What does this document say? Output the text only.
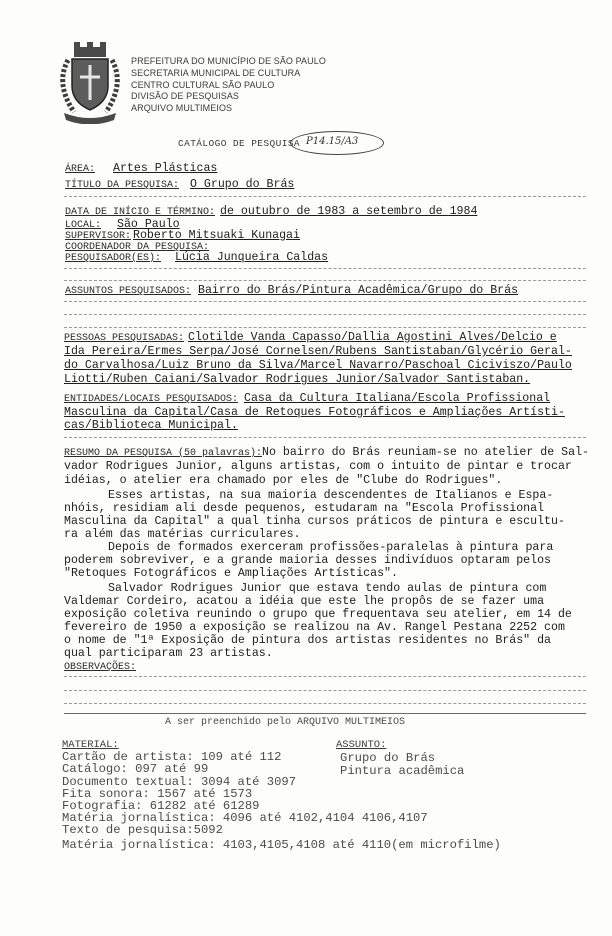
PREFEITURA DO MUNICÍPIO DE SÃO PAULO
SECRETARIA MUNICIPAL DE CULTURA
CENTRO CULTURAL SÃO PAULO
DIVISÃO DE PESQUISAS
ARQUIVO MULTIMEIOS
CATÁLOGO DE PESQUISA P14.15/A3
ÁREA: Artes Plásticas
TÍTULO DA PESQUISA: O Grupo do Brás
DATA DE INÍCIO E TÉRMINO: de outubro de 1983 a setembro de 1984
LOCAL: São Paulo
SUPERVISOR: Roberto Mitsuaki Kunagai
COORDENADOR DA PESQUISA:
PESQUISADOR(ES): Lúcia Junqueira Caldas
ASSUNTOS PESQUISADOS: Bairro do Brás/Pintura Acadêmica/Grupo do Brás
PESSOAS PESQUISADAS: Clotilde Vanda Capasso/Dallia Agostini Alves/Delcio e
Ida Pereira/Ermes Serpa/José Cornelsen/Rubens Santistaban/Glycério Geral-
do Carvalhosa/Luiz Bruno da Silva/Marcel Navarro/Paschoal Ciciviszo/Paulo
Liotti/Ruben Caiani/Salvador Rodrigues Junior/Salvador Santistaban.
ENTIDADES/LOCAIS PESQUISADOS: Casa da Cultura Italiana/Escola Profissional
Masculina da Capital/Casa de Retoques Fotográficos e Ampliações Artísti-
cas/Biblioteca Municipal.
RESUMO DA PESQUISA (50 palavras): No bairro do Brás reuniam-se no atelier de Sal-
vador Rodrigues Junior, alguns artistas, com o intuito de pintar e trocar
idéias, o atelier era chamado por eles de "Clube do Rodrigues".
Esses artistas, na sua maioria descendentes de Italianos e Espa-
nhóis, residiam ali desde pequenos, estudaram na "Escola Profissional
Masculina da Capital" a qual tinha cursos práticos de pintura e escultu-
ra além das matérias curriculares.
Depois de formados exerceram profissões-paralelas à pintura para
poderem sobreviver, e a grande maioria desses indivíduos optaram pelos
"Retoques Fotográficos e Ampliações Artísticas".
Salvador Rodrigues Junior que estava tendo aulas de pintura com
Valdemar Cordeiro, acatou a idéia que este lhe propôs de se fazer uma
exposição coletiva reunindo o grupo que frequentava seu atelier, em 14 de
fevereiro de 1950 a exposição se realizou na Av. Rangel Pestana 2252 com
o nome de "1ª Exposição de pintura dos artistas residentes no Brás" da
qual participaram 23 artistas.
OBSERVAÇÕES:
A ser preenchido pelo ARQUIVO MULTIMEIOS
MATERIAL:
Cartão de artista: 109 até 112
Catálogo: 097 até 99
Documento textual: 3094 até 3097
Fita sonora: 1567 até 1573
Fotografia: 61282 até 61289
Matéria jornalística: 4096 até 4102,4104 4106,4107
Texto de pesquisa:5092
Matéria jornalística: 4103,4105,4108 até 4110(em microfilme)
ASSUNTO:
Grupo do Brás
Pintura acadêmica
